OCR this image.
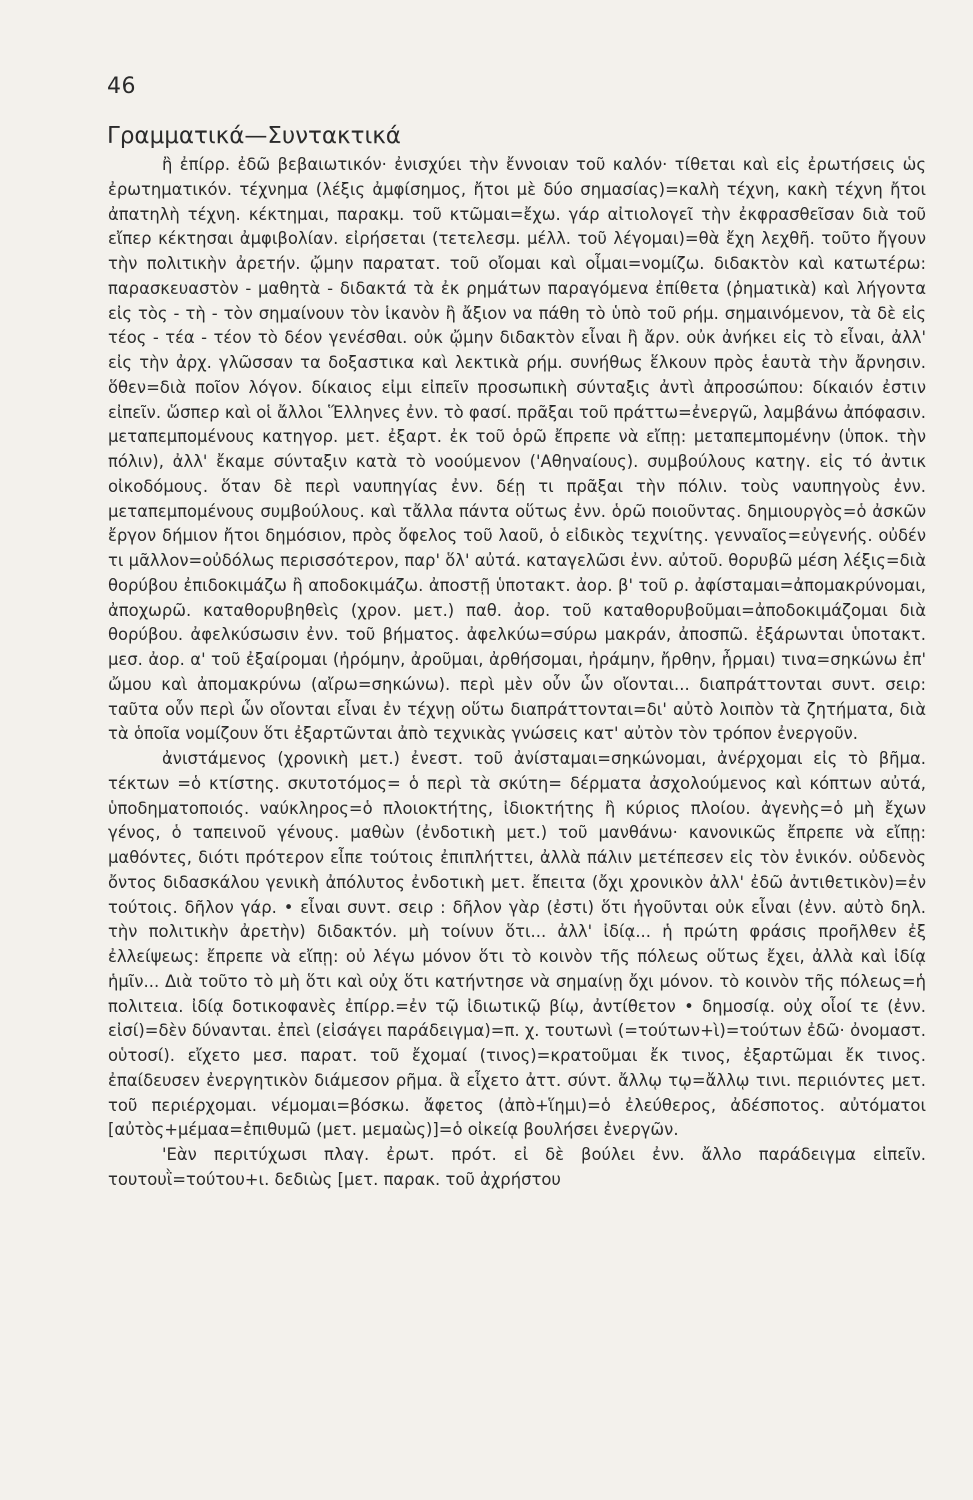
46
Γραμματικά—Συντακτικά

ἢ ἐπίρρ. ἐδῶ βεβαιωτικόν· ἐνισχύει τὴν ἔννοιαν τοῦ καλόν· τίθεται καὶ εἰς ἐρωτήσεις ὡς ἐρωτηματικόν. τέχνημα (λέξις ἀμφίσημος, ἤτοι μὲ δύο σημασίας)=καλὴ τέχνη, κακὴ τέχνη ἤτοι ἀπατηλὴ τέχνη. κέκτημαι, παρακμ. τοῦ κτῶμαι=ἔχω. γάρ αἰτιολογεῖ τὴν ἐκφρασθεῖσαν διὰ τοῦ εἴπερ κέκτησαι ἀμφιβολίαν. εἰρήσεται (τετελεσμ. μέλλ. τοῦ λέγομαι)=θὰ ἔχη λεχθῆ. τοῦτο ἤγουν τὴν πολιτικὴν ἀρετήν. ᾤμην παρατατ. τοῦ οἴομαι καὶ οἶμαι=νομίζω. διδακτὸν καὶ κατωτέρω: παρασκευαστὸν - μαθητὰ - διδακτά τὰ ἐκ ρημάτων παραγόμενα ἐπίθετα (ῥηματικὰ) καὶ λήγοντα εἰς τὸς - τὴ - τὸν σημαίνουν τὸν ἱκανὸν ἢ ἄξιον να πάθη τὸ ὑπὸ τοῦ ρήμ. σημαινόμενον, τὰ δὲ εἰς τέος - τέα - τέον τὸ δέον γενέσθαι. οὐκ ᾤμην διδακτὸν εἶναι ἢ ἄρν. οὐκ ἀνήκει εἰς τὸ εἶναι, ἀλλ' εἰς τὴν ἀρχ. γλῶσσαν τα δοξαστικα καὶ λεκτικὰ ρήμ. συνήθως ἕλκουν πρὸς ἑαυτὰ τὴν ἄρνησιν. ὅθεν=διὰ ποῖον λόγον. δίκαιος εἰμι εἰπεῖν προσωπικὴ σύνταξις ἀντὶ ἀπροσώπου: δίκαιόν ἐστιν εἰπεῖν. ὥσπερ καὶ οἱ ἄλλοι Ἕλληνες ἐνν. τὸ φασί. πρᾶξαι τοῦ πράττω=ἐνεργῶ, λαμβάνω ἀπόφασιν. μεταπεμπομένους κατηγορ. μετ. ἐξαρτ. ἐκ τοῦ ὁρῶ ἔπρεπε νὰ εἴπῃ: μεταπεμπομένην (ὑποκ. τὴν πόλιν), ἀλλ' ἔκαμε σύνταξιν κατὰ τὸ νοούμενον ('Αθηναίους). συμβούλους κατηγ. εἰς τό ἀντικ οἰκοδόμους. ὅταν δὲ περὶ ναυπηγίας ἐνν. δέῃ τι πρᾶξαι τὴν πόλιν. τοὺς ναυπηγοὺς ἐνν. μεταπεμπομένους συμβούλους. καὶ τἄλλα πάντα οὕτως ἐνν. ὁρῶ ποιοῦντας. δημιουργὸς=ὁ ἀσκῶν ἔργον δήμιον ἤτοι δημόσιον, πρὸς ὄφελος τοῦ λαοῦ, ὁ εἰδικὸς τεχνίτης. γενναῖος=εὐγενής. οὐδέν τι μᾶλλον=οὐδόλως περισσότερον, παρ' ὅλ' αὐτά. καταγελῶσι ἐνν. αὐτοῦ. θορυβῶ μέση λέξις=διὰ θορύβου ἐπιδοκιμάζω ἢ αποδοκιμάζω. ἀποστῇ ὑποτακτ. ἀορ. β' τοῦ ρ. ἀφίσταμαι=ἀπομακρύνομαι, ἀποχωρῶ. καταθορυβηθεὶς (χρον. μετ.) παθ. ἀορ. τοῦ καταθορυβοῦμαι=ἀποδοκιμάζομαι διὰ θορύβου. ἀφελκύσωσιν ἐνν. τοῦ βήματος. ἀφελκύω=σύρω μακράν, ἀποσπῶ. ἐξάρωνται ὑποτακτ. μεσ. ἀορ. α' τοῦ ἐξαίρομαι (ἠρόμην, ἀροῦμαι, ἀρθήσομαι, ἠράμην, ἤρθην, ἦρμαι) τινα=σηκώνω ἐπ' ὤμου καὶ ἀπομακρύνω (αἴρω=σηκώνω). περὶ μὲν οὖν ὧν οἴονται... διαπράττονται συντ. σειρ: ταῦτα οὖν περὶ ὧν οἴονται εἶναι ἐν τέχνῃ οὕτω διαπράττονται=δι' αὐτὸ λοιπὸν τὰ ζητήματα, διὰ τὰ ὁποῖα νομίζουν ὅτι ἐξαρτῶνται ἀπὸ τεχνικὰς γνώσεις κατ' αὐτὸν τὸν τρόπον ἐνεργοῦν.

ἀνιστάμενος (χρονικὴ μετ.) ἐνεστ. τοῦ ἀνίσταμαι=σηκώνομαι, ἀνέρχομαι εἰς τὸ βῆμα. τέκτων =ὁ κτίστης. σκυτοτόμος= ὁ περὶ τὰ σκύτη= δέρματα ἀσχολούμενος καὶ κόπτων αὐτά, ὑποδηματοποιός. ναύκληρος=ὁ πλοιοκτήτης, ἰδιοκτήτης ἢ κύριος πλοίου. ἀγενὴς=ὁ μὴ ἔχων γένος, ὁ ταπεινοῦ γένους. μαθὼν (ἐνδοτικὴ μετ.) τοῦ μανθάνω· κανονικῶς ἔπρεπε νὰ εἴπῃ: μαθόντες, διότι πρότερον εἶπε τούτοις ἐπιπλήττει, ἀλλὰ πάλιν μετέπεσεν εἰς τὸν ἑνικόν. οὐδενὸς ὄντος διδασκάλου γενικὴ ἀπόλυτος ἐνδοτικὴ μετ. ἔπειτα (ὄχι χρονικὸν ἀλλ' ἐδῶ ἀντιθετικὸν)=ἐν τούτοις. δῆλον γάρ. • εἶναι συντ. σειρ : δῆλον γὰρ (ἐστι) ὅτι ἡγοῦνται οὐκ εἶναι (ἐνν. αὐτὸ δηλ. τὴν πολιτικὴν ἀρετὴν) διδακτόν. μὴ τοίνυν ὅτι... ἀλλ' ἰδίᾳ... ἡ πρώτη φράσις προῆλθεν ἐξ ἐλλείψεως: ἔπρεπε νὰ εἴπῃ: οὐ λέγω μόνον ὅτι τὸ κοινὸν τῆς πόλεως οὕτως ἔχει, ἀλλὰ καὶ ἰδίᾳ ἡμῖν... Διὰ τοῦτο τὸ μὴ ὅτι καὶ οὐχ ὅτι κατήντησε νὰ σημαίνῃ ὄχι μόνον. τὸ κοινὸν τῆς πόλεως=ἡ πολιτεια. ἰδίᾳ δοτικοφανὲς ἐπίρρ.=ἐν τῷ ἰδιωτικῷ βίῳ, ἀντίθετον • δημοσίᾳ. οὐχ οἷοί τε (ἐνν. εἰσί)=δὲν δύνανται. ἐπεὶ (εἰσάγει παράδειγμα)=π. χ. τουτωνὶ (=τούτων+ὶ)=τούτων ἐδῶ· ὀνομαστ. οὑτοσί). εἴχετο μεσ. παρατ. τοῦ ἔχομαί (τινος)=κρατοῦμαι ἔκ τινος, ἐξαρτῶμαι ἔκ τινος. ἐπαίδευσεν ἐνεργητικὸν διάμεσον ρῆμα. ἃ εἶχετο ἀττ. σύντ. ἄλλῳ τῳ=ἄλλῳ τινι. περιιόντες μετ. τοῦ περιέρχομαι. νέμομαι=βόσκω. ἄφετος (ἀπὸ+ἵημι)=ὁ ἐλεύθερος, ἀδέσποτος. αὐτόματοι [αὐτὸς+μέμαα=ἐπιθυμῶ (μετ. μεμαὼς)]=ὁ οἰκείᾳ βουλήσει ἐνεργῶν.

'Εὰν περιτύχωσι πλαγ. ἐρωτ. πρότ. εἰ δὲ βούλει ἐνν. ἄλλο παράδειγμα εἰπεῖν. τουτουῒ=τούτου+ι. δεδιὼς [μετ. παρακ. τοῦ ἀχρήστου
